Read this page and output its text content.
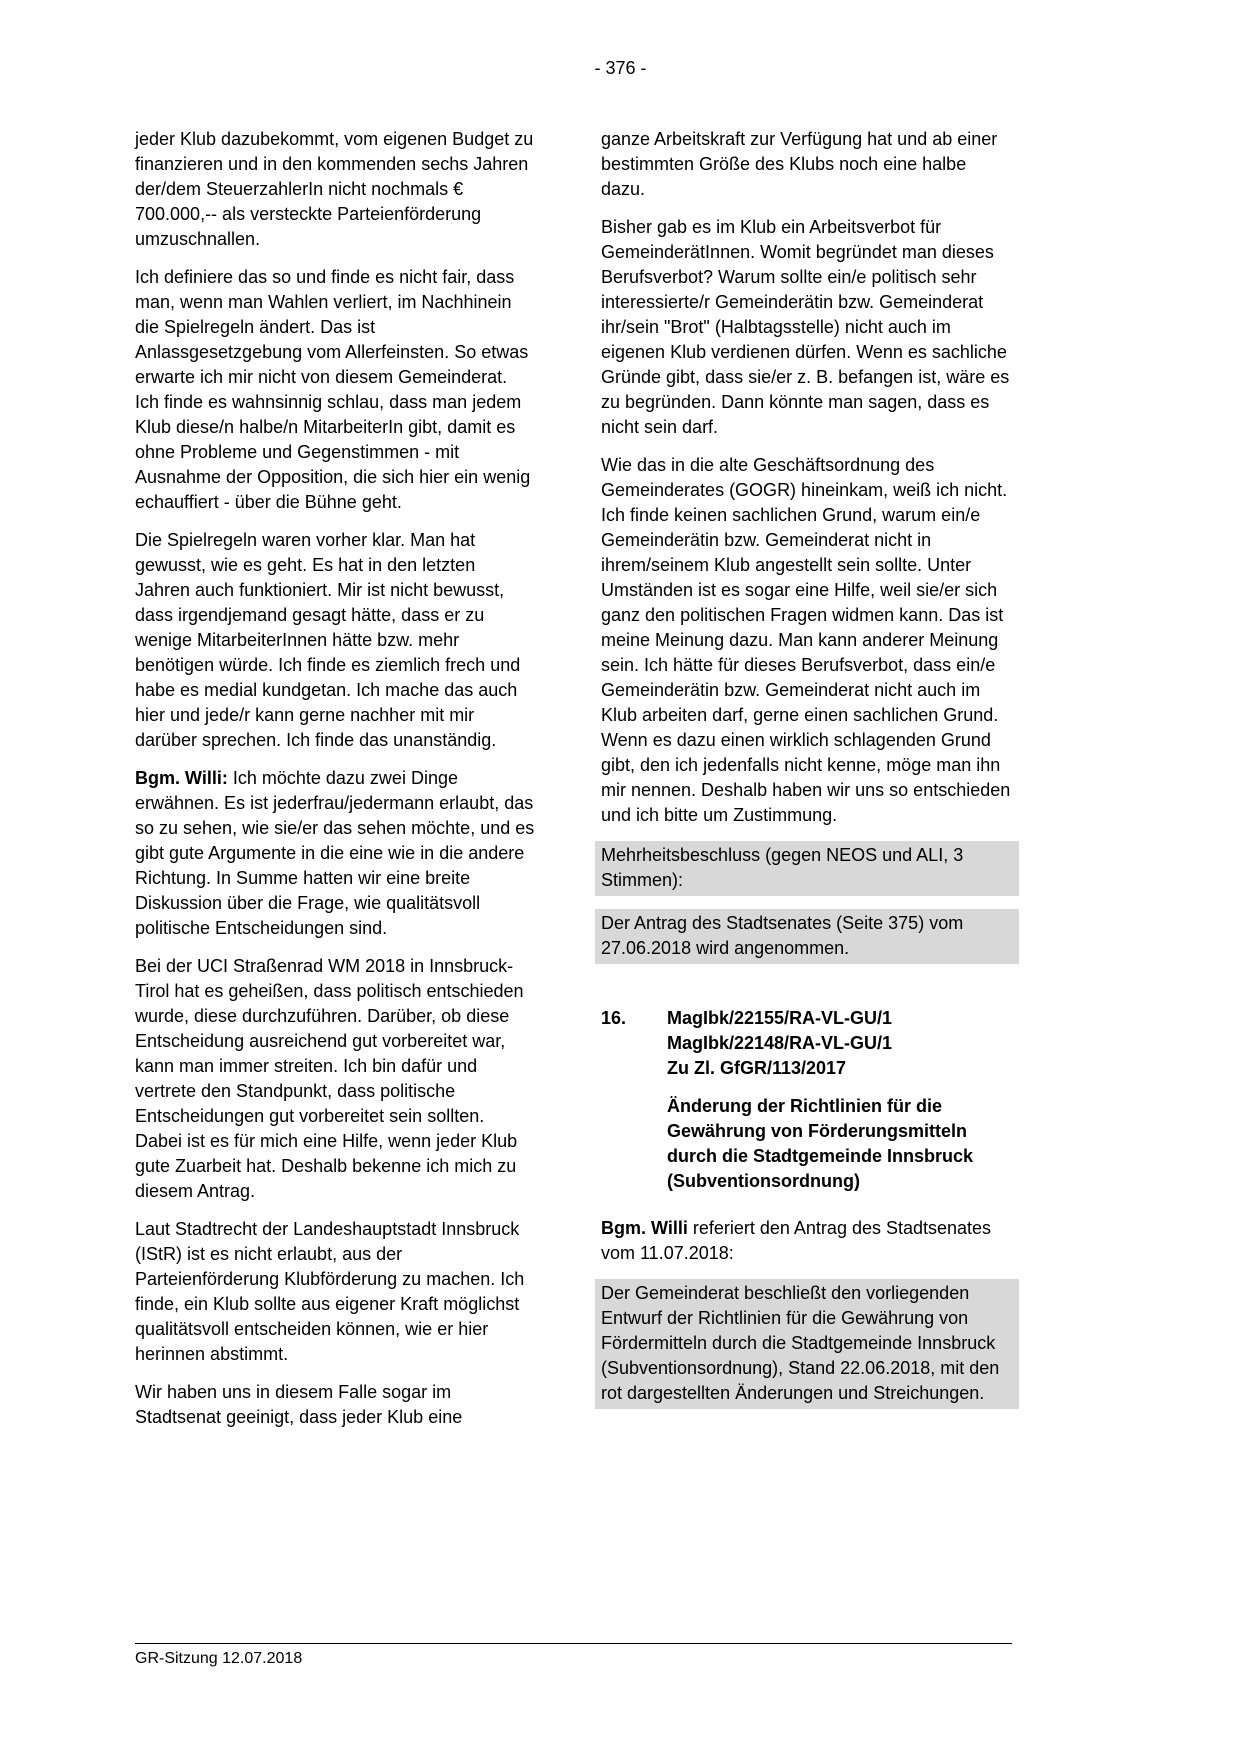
- 376 -

jeder Klub dazubekommt, vom eigenen Budget zu finanzieren und in den kommenden sechs Jahren der/dem SteuerzahlerIn nicht nochmals € 700.000,-- als versteckte Parteienförderung umzuschnallen.

Ich definiere das so und finde es nicht fair, dass man, wenn man Wahlen verliert, im Nachhinein die Spielregeln ändert. Das ist Anlassgesetzgebung vom Allerfeinsten. So etwas erwarte ich mir nicht von diesem Gemeinderat. Ich finde es wahnsinnig schlau, dass man jedem Klub diese/n halbe/n MitarbeiterIn gibt, damit es ohne Probleme und Gegenstimmen - mit Ausnahme der Opposition, die sich hier ein wenig echauffiert - über die Bühne geht.

Die Spielregeln waren vorher klar. Man hat gewusst, wie es geht. Es hat in den letzten Jahren auch funktioniert. Mir ist nicht bewusst, dass irgendjemand gesagt hätte, dass er zu wenige MitarbeiterInnen hätte bzw. mehr benötigen würde. Ich finde es ziemlich frech und habe es medial kundgetan. Ich mache das auch hier und jede/r kann gerne nachher mit mir darüber sprechen. Ich finde das unanständig.

Bgm. Willi: Ich möchte dazu zwei Dinge erwähnen. Es ist jederfrau/jedermann erlaubt, das so zu sehen, wie sie/er das sehen möchte, und es gibt gute Argumente in die eine wie in die andere Richtung. In Summe hatten wir eine breite Diskussion über die Frage, wie qualitätsvoll politische Entscheidungen sind.

Bei der UCI Straßenrad WM 2018 in Innsbruck-Tirol hat es geheißen, dass politisch entschieden wurde, diese durchzuführen. Darüber, ob diese Entscheidung ausreichend gut vorbereitet war, kann man immer streiten. Ich bin dafür und vertrete den Standpunkt, dass politische Entscheidungen gut vorbereitet sein sollten. Dabei ist es für mich eine Hilfe, wenn jeder Klub gute Zuarbeit hat. Deshalb bekenne ich mich zu diesem Antrag.

Laut Stadtrecht der Landeshauptstadt Innsbruck (IStR) ist es nicht erlaubt, aus der Parteienförderung Klubförderung zu machen. Ich finde, ein Klub sollte aus eigener Kraft möglichst qualitätsvoll entscheiden können, wie er hier herinnen abstimmt.

Wir haben uns in diesem Falle sogar im Stadtsenat geeinigt, dass jeder Klub eine

ganze Arbeitskraft zur Verfügung hat und ab einer bestimmten Größe des Klubs noch eine halbe dazu.

Bisher gab es im Klub ein Arbeitsverbot für GemeinderätInnen. Womit begründet man dieses Berufsverbot? Warum sollte ein/e politisch sehr interessierte/r Gemeinderätin bzw. Gemeinderat ihr/sein "Brot" (Halbtagsstelle) nicht auch im eigenen Klub verdienen dürfen. Wenn es sachliche Gründe gibt, dass sie/er z. B. befangen ist, wäre es zu begründen. Dann könnte man sagen, dass es nicht sein darf.

Wie das in die alte Geschäftsordnung des Gemeinderates (GOGR) hineinkam, weiß ich nicht. Ich finde keinen sachlichen Grund, warum ein/e Gemeinderätin bzw. Gemeinderat nicht in ihrem/seinem Klub angestellt sein sollte. Unter Umständen ist es sogar eine Hilfe, weil sie/er sich ganz den politischen Fragen widmen kann. Das ist meine Meinung dazu. Man kann anderer Meinung sein. Ich hätte für dieses Berufsverbot, dass ein/e Gemeinderätin bzw. Gemeinderat nicht auch im Klub arbeiten darf, gerne einen sachlichen Grund. Wenn es dazu einen wirklich schlagenden Grund gibt, den ich jedenfalls nicht kenne, möge man ihn mir nennen. Deshalb haben wir uns so entschieden und ich bitte um Zustimmung.

Mehrheitsbeschluss (gegen NEOS und ALI, 3 Stimmen):

Der Antrag des Stadtsenates (Seite 375) vom 27.06.2018 wird angenommen.

16.	MagIbk/22155/RA-VL-GU/1
MagIbk/22148/RA-VL-GU/1
Zu Zl. GfGR/113/2017
Änderung der Richtlinien für die Gewährung von Förderungsmitteln durch die Stadtgemeinde Innsbruck (Subventionsordnung)

Bgm. Willi referiert den Antrag des Stadtsenates vom 11.07.2018:

Der Gemeinderat beschließt den vorliegenden Entwurf der Richtlinien für die Gewährung von Fördermitteln durch die Stadtgemeinde Innsbruck (Subventionsordnung), Stand 22.06.2018, mit den rot dargestellten Änderungen und Streichungen.

GR-Sitzung 12.07.2018
